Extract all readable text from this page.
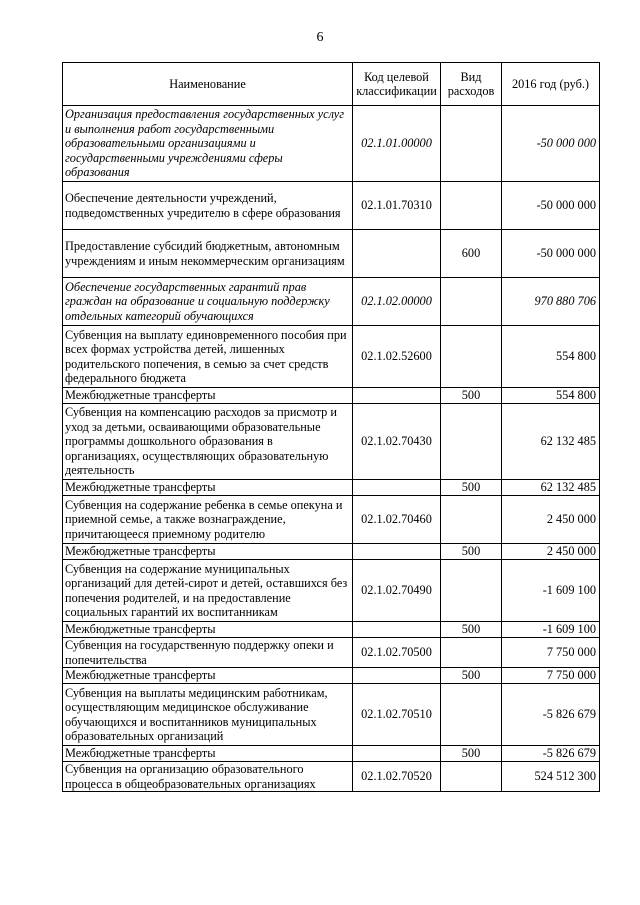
6
Наименование	Код целевой классификации	Вид расходов	2016 год (руб.)
Организация предоставления государственных услуг и выполнения работ государственными образовательными организациями и государственными учреждениями сферы образования	02.1.01.00000		-50 000 000
Обеспечение деятельности учреждений, подведомственных учредителю в сфере образования	02.1.01.70310		-50 000 000
Предоставление субсидий бюджетным, автономным учреждениям и иным некоммерческим организациям		600	-50 000 000
Обеспечение государственных гарантий прав граждан на образование и социальную поддержку отдельных категорий обучающихся	02.1.02.00000		970 880 706
Субвенция на выплату единовременного пособия при всех формах устройства детей, лишенных родительского попечения, в семью за счет средств федерального бюджета	02.1.02.52600		554 800
Межбюджетные трансферты		500	554 800
Субвенция на компенсацию расходов за присмотр и уход за детьми, осваивающими образовательные программы дошкольного образования в организациях, осуществляющих образовательную деятельность	02.1.02.70430		62 132 485
Межбюджетные трансферты		500	62 132 485
Субвенция на содержание ребенка в семье опекуна и приемной семье, а также вознаграждение, причитающееся приемному родителю	02.1.02.70460		2 450 000
Межбюджетные трансферты		500	2 450 000
Субвенция на содержание муниципальных организаций для детей-сирот и детей, оставшихся без попечения родителей, и на предоставление социальных гарантий их воспитанникам	02.1.02.70490		-1 609 100
Межбюджетные трансферты		500	-1 609 100
Субвенция на государственную поддержку опеки и попечительства	02.1.02.70500		7 750 000
Межбюджетные трансферты		500	7 750 000
Субвенция на выплаты медицинским работникам, осуществляющим медицинское обслуживание обучающихся и воспитанников муниципальных образовательных организаций	02.1.02.70510		-5 826 679
Межбюджетные трансферты		500	-5 826 679
Субвенция на организацию образовательного процесса в общеобразовательных организациях	02.1.02.70520		524 512 300
